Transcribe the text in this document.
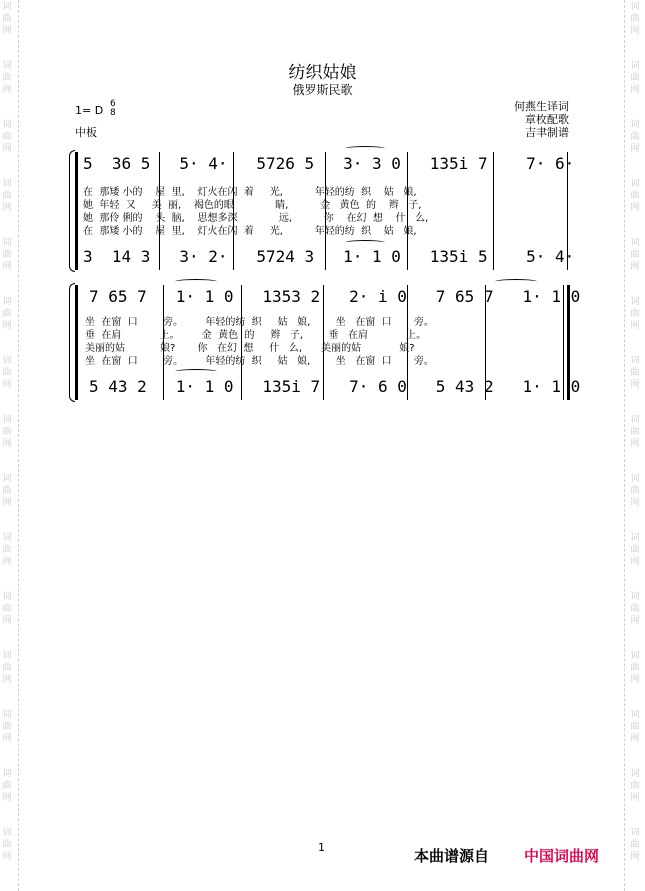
词
曲
网
词
曲
网
词
曲
网
词
曲
网
词
曲
网
词
曲
网
词
曲
网
词
曲
网
词
曲
网
词
曲
网
词
曲
网
词
曲
网
词
曲
网
词
曲
网
词
曲
网
词
曲
网
词
曲
网
词
曲
网
词
曲
网
词
曲
网
词
曲
网
词
曲
网
词
曲
网
词
曲
网
词
曲
网
词
曲
网
词
曲
网
词
曲
网
词
曲
网
词
曲
网
纺织姑娘
俄罗斯民歌
1= D 6
8
中板
何燕生译词
章枚配歌
吉聿制谱
5  36 5   5· 4·   5726 5   3· 3 0   135i 7    7· 6·
在  那矮 小的    屋  里,    灯火在闪  着     光,          年轻的纺  织    姑   娘,
她  年轻  又     美  丽,    褐色的眼             睛,          金   黄色  的    辫   子,
她  那伶 俐的    头  脑,    思想多深             远,          你    在幻  想    什   么,
在  那矮 小的    屋  里,    灯火在闪  着     光,          年轻的纺  织    姑   娘,
3  14 3   3· 2·   5724 3   1· 1 0   135i 5    5· 4·
7 65 7   1· 1 0   1353 2   2· i 0   7 65 7   1· 1 0
坐  在窗  口        旁。       年轻的纺  织     姑   娘,        坐   在窗  口       旁。
垂  在肩            上。       金  黄色  的     辫   子,        垂   在肩            上。
美丽的姑           娘?       你   在幻  想     什   么,      美丽的姑            娘?
坐  在窗  口        旁。       年轻的纺  织     姑   娘,        坐   在窗  口       旁。
5 43 2   1· 1 0   135i 7   7· 6 0   5 43 2   1· 1 0
1	本曲谱源自 中国词曲网
